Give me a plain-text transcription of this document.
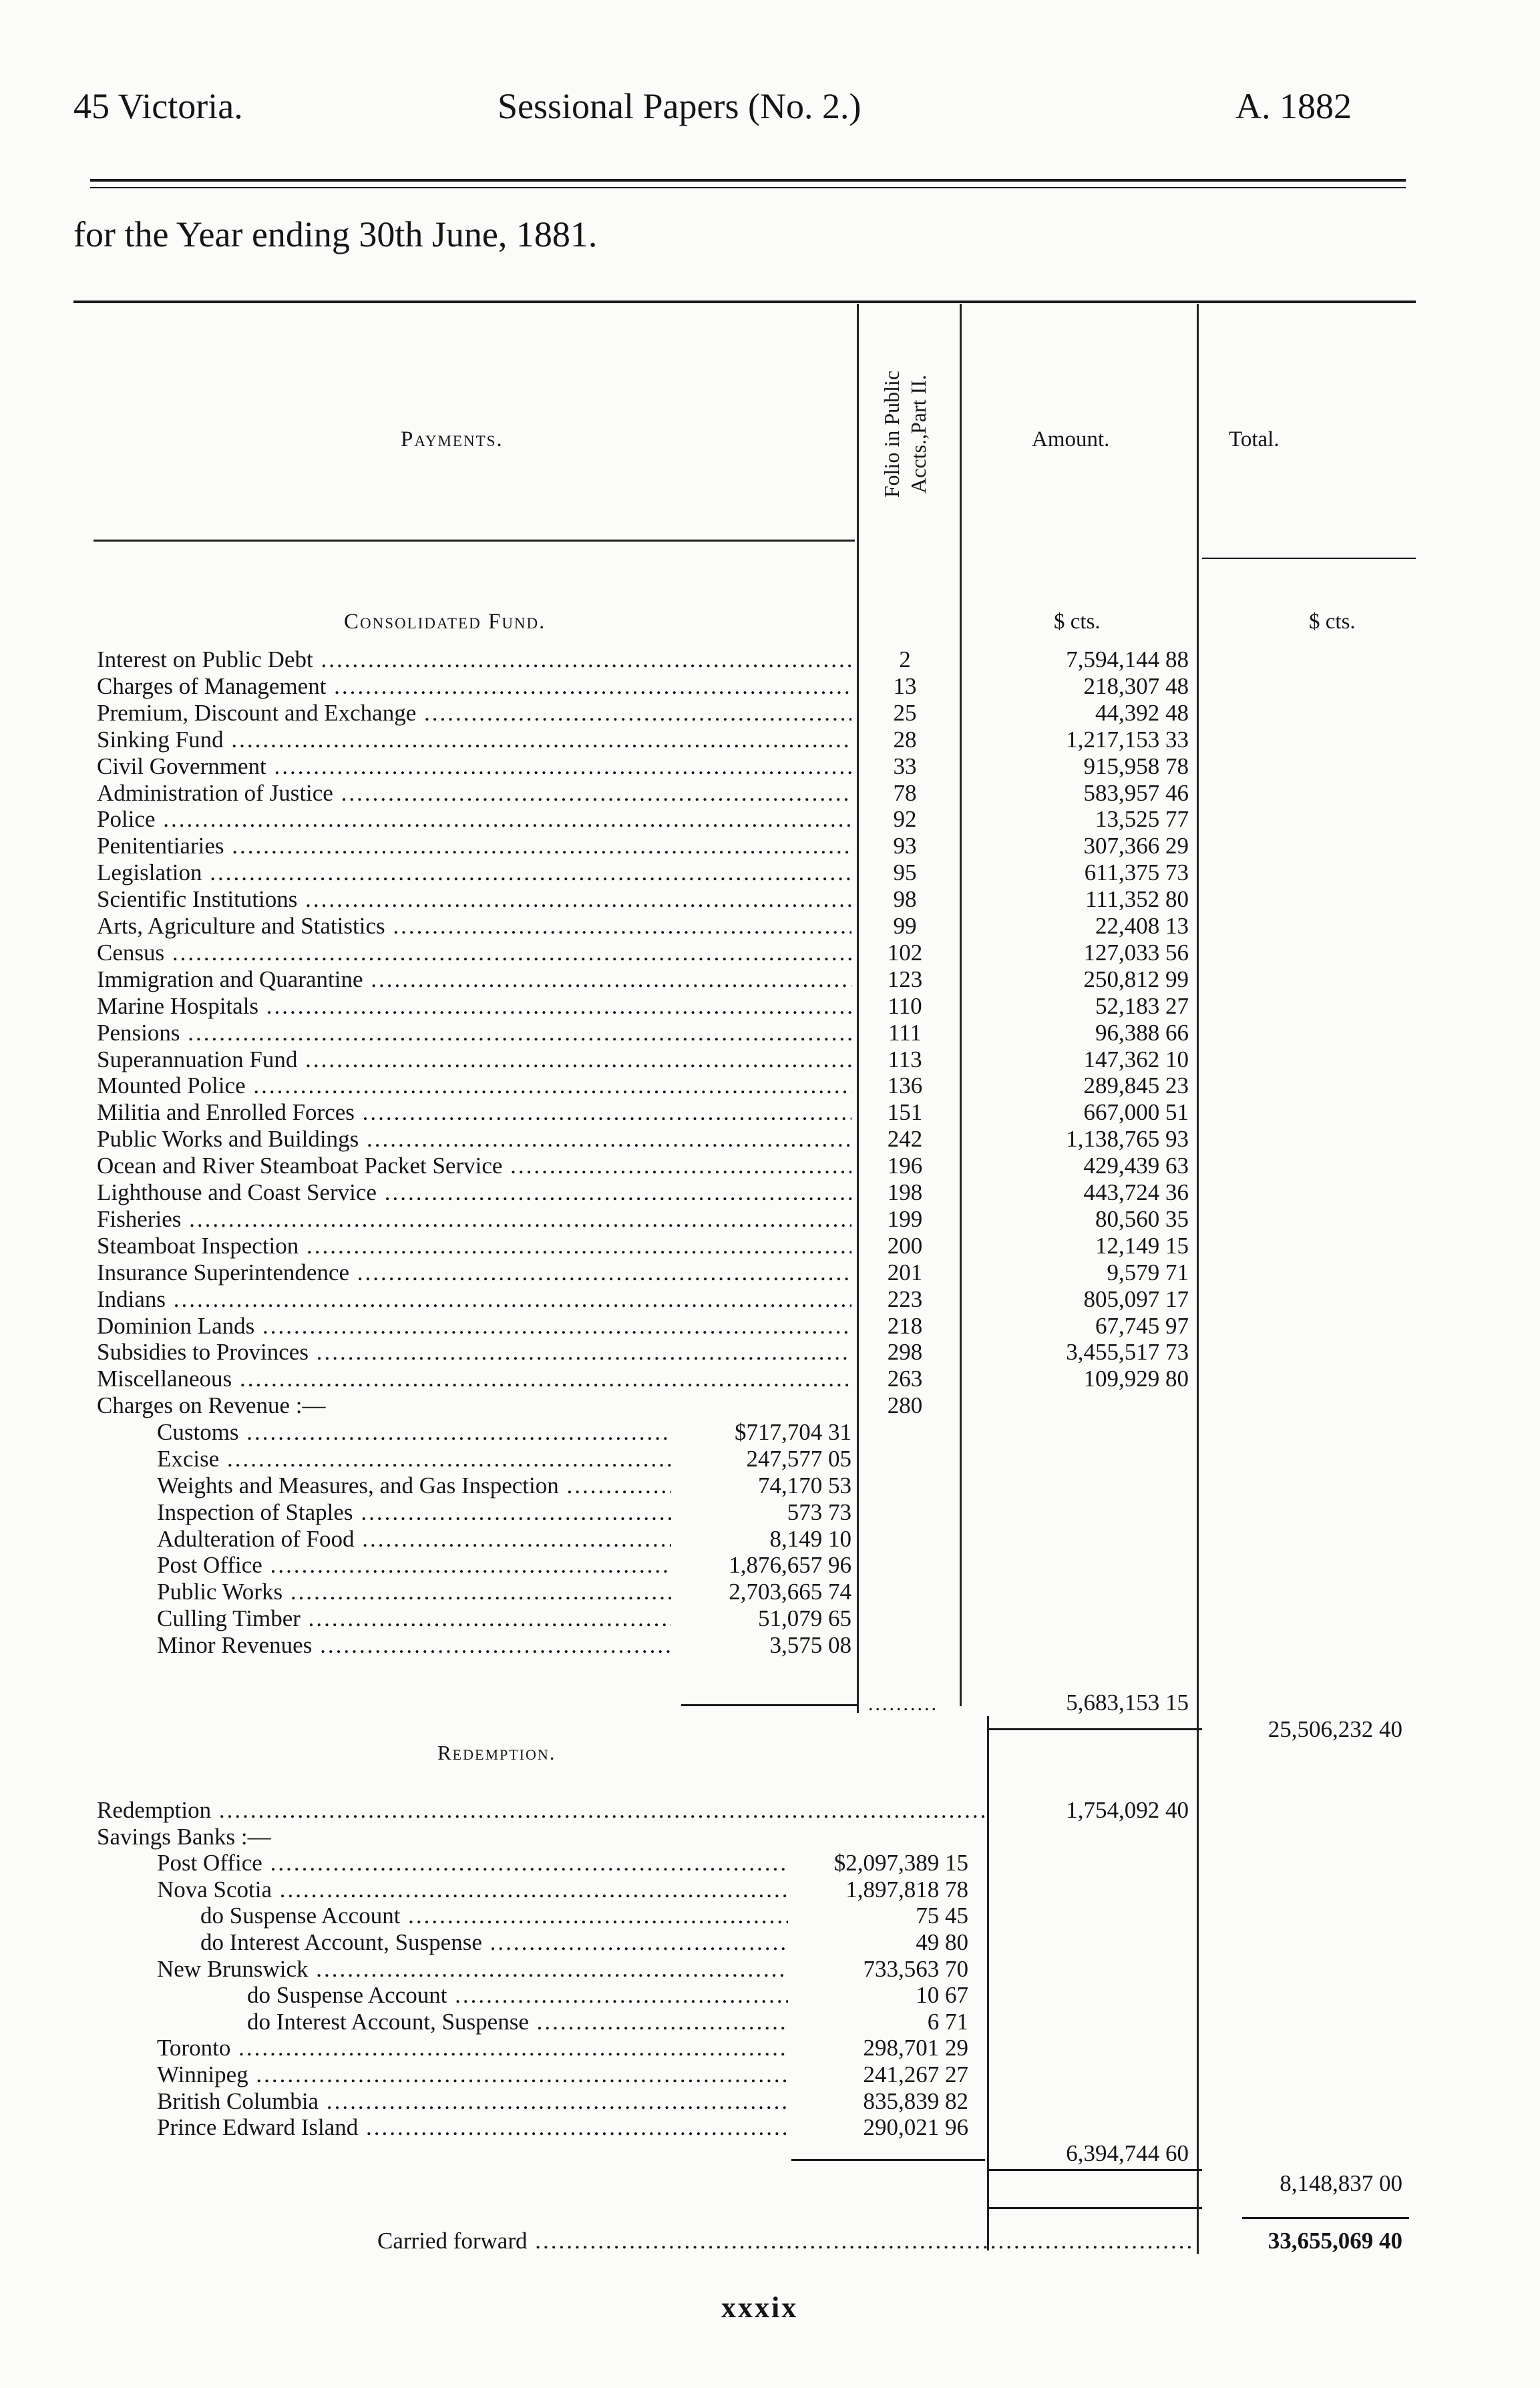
45 Victoria.	Sessional Papers (No. 2.)	A. 1882
for the Year ending 30th June, 1881.
Payments.	Folio in Public Accts.,Part II.	Amount.	Total.
Consolidated Fund.	$ cts.	$ cts.
Interest on Public Debt .....	2	7,594,144 88
Charges of Management .....	13	218,307 48
Premium, Discount and Exchange .....	25	44,392 48
Sinking Fund .....	28	1,217,153 33
Civil Government .....	33	915,958 78
Administration of Justice .....	78	583,957 46
Police .....	92	13,525 77
Penitentiaries .....	93	307,366 29
Legislation .....	95	611,375 73
Scientific Institutions .....	98	111,352 80
Arts, Agriculture and Statistics .....	99	22,408 13
Census .....	102	127,033 56
Immigration and Quarantine .....	123	250,812 99
Marine Hospitals .....	110	52,183 27
Pensions .....	111	96,388 66
Superannuation Fund .....	113	147,362 10
Mounted Police .....	136	289,845 23
Militia and Enrolled Forces .....	151	667,000 51
Public Works and Buildings .....	242	1,138,765 93
Ocean and River Steamboat Packet Service .....	196	429,439 63
Lighthouse and Coast Service .....	198	443,724 36
Fisheries .....	199	80,560 35
Steamboat Inspection .....	200	12,149 15
Insurance Superintendence .....	201	9,579 71
Indians .....	223	805,097 17
Dominion Lands .....	218	67,745 97
Subsidies to Provinces .....	298	3,455,517 73
Miscellaneous .....	263	109,929 80
Charges on Revenue :—	280
Customs .....	$717,704 31
Excise .....	247,577 05
Weights and Measures, and Gas Inspection .....	74,170 53
Inspection of Staples .....	573 73
Adulteration of Food .....	8,149 10
Post Office .....	1,876,657 96
Public Works .....	2,703,665 74
Culling Timber .....	51,079 65
Minor Revenues .....	3,575 08
..........	5,683,153 15
25,506,232 40
Redemption.
Redemption .....	1,754,092 40
Savings Banks :—
Post Office .....	$2,097,389 15
Nova Scotia .....	1,897,818 78
do Suspense Account .....	75 45
do Interest Account, Suspense .....	49 80
New Brunswick .....	733,563 70
do Suspense Account .....	10 67
do Interest Account, Suspense .....	6 71
Toronto .....	298,701 29
Winnipeg .....	241,267 27
British Columbia .....	835,839 82
Prince Edward Island .....	290,021 96
6,394,744 60
8,148,837 00
Carried forward .....	33,655,069 40
xxxix
